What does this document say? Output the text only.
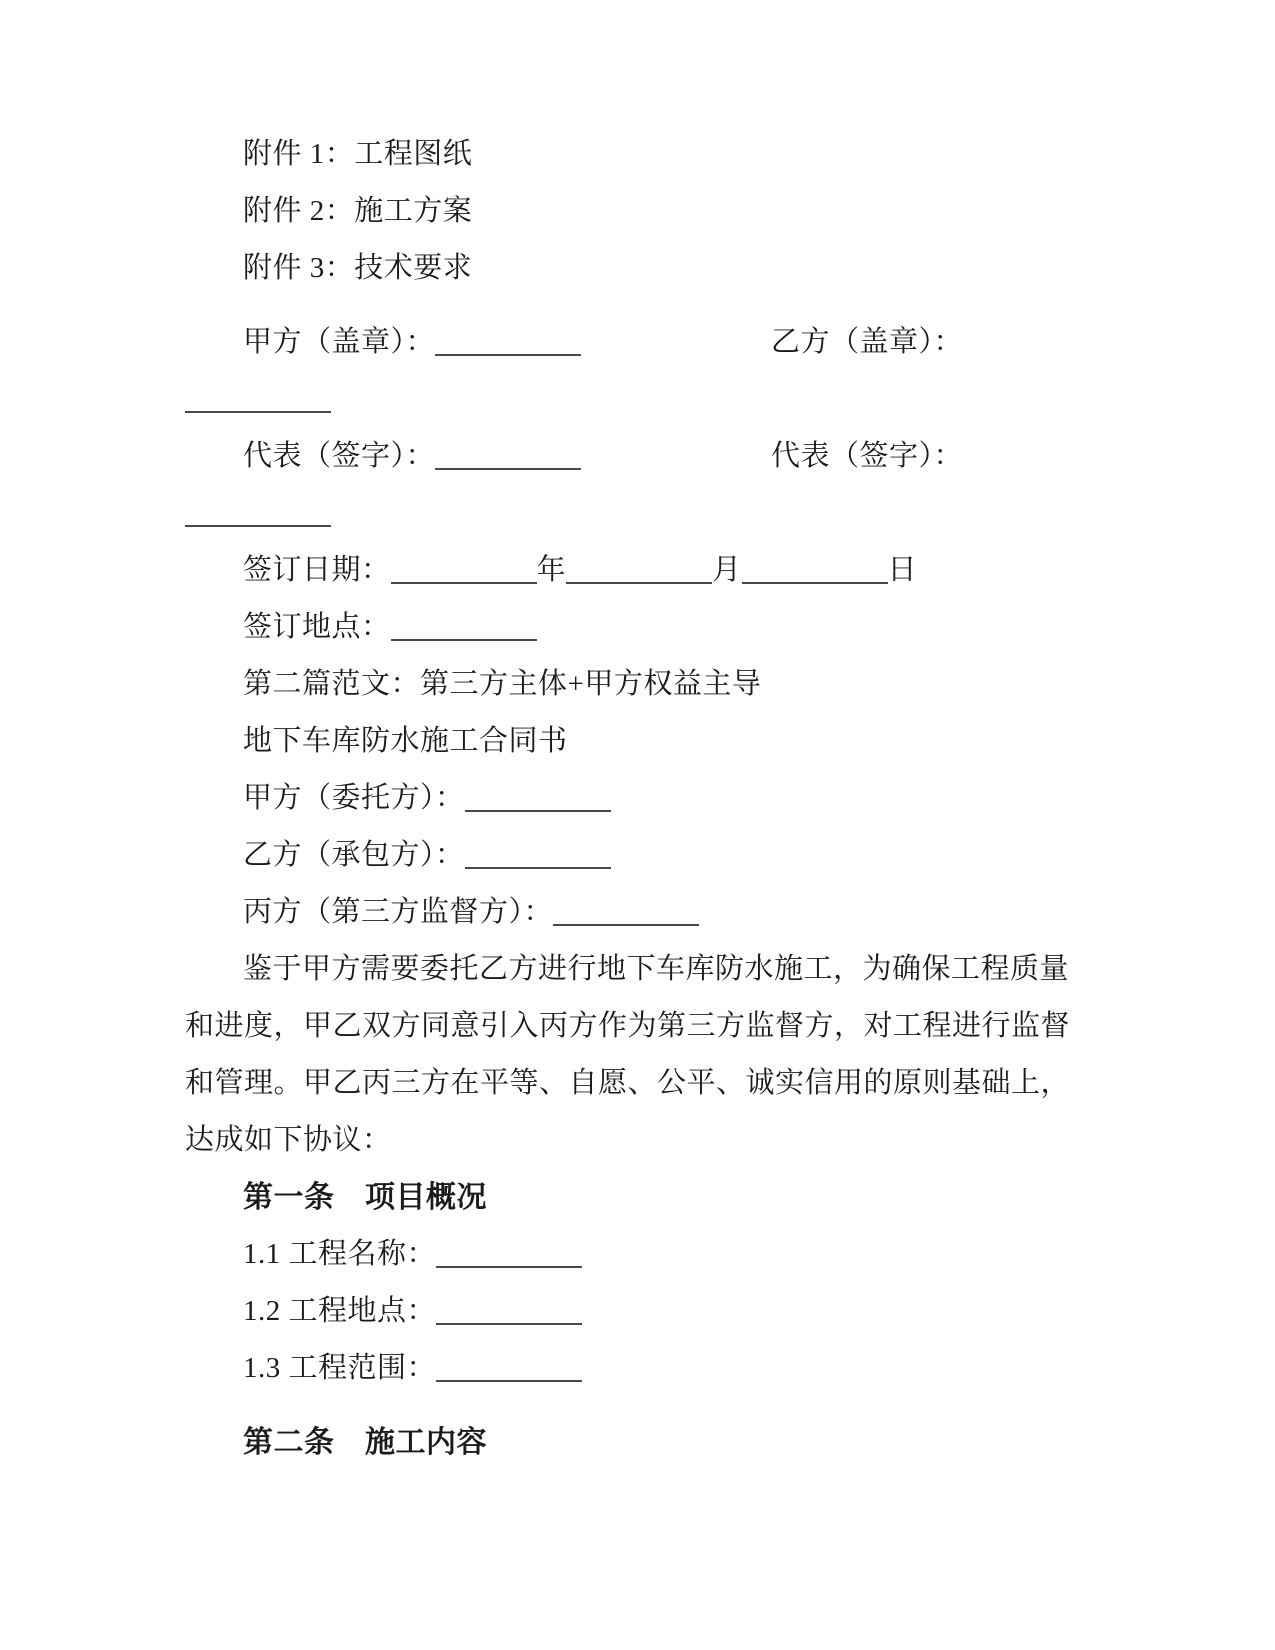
附件 1：工程图纸
附件 2：施工方案
附件 3：技术要求
甲方（盖章）：	乙方（盖章）：
代表（签字）：	代表（签字）：
签订日期：	年	月	日
签订地点：
第二篇范文：第三方主体+甲方权益主导
地下车库防水施工合同书
甲方（委托方）：
乙方（承包方）：
丙方（第三方监督方）：
鉴于甲方需要委托乙方进行地下车库防水施工，为确保工程质量
和进度，甲乙双方同意引入丙方作为第三方监督方，对工程进行监督
和管理。甲乙丙三方在平等、自愿、公平、诚实信用的原则基础上，
达成如下协议：
第一条　项目概况
1.1 工程名称：
1.2 工程地点：
1.3 工程范围：
第二条　施工内容
